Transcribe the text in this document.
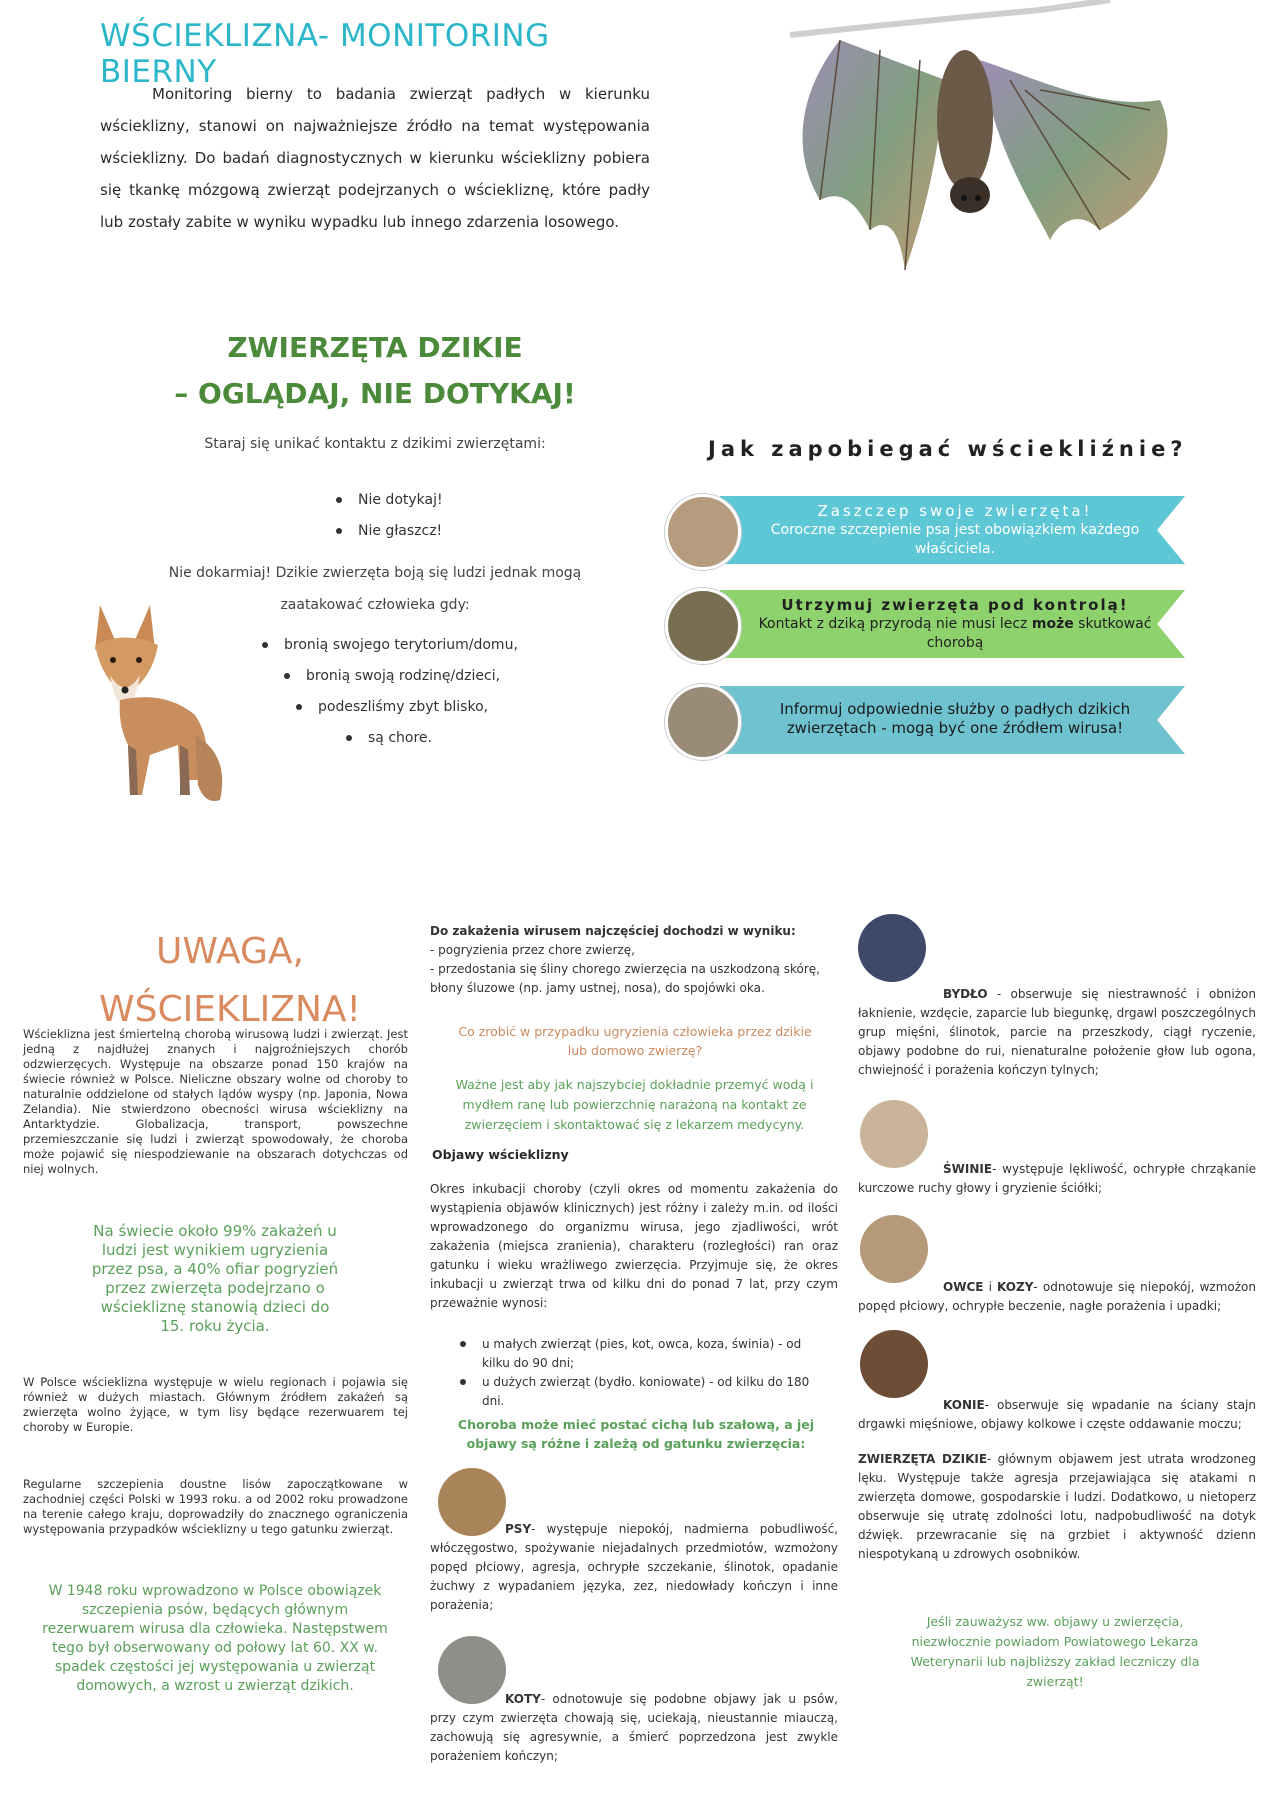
WŚCIEKLIZNA- MONITORING BIERNY
Monitoring bierny to badania zwierząt padłych w kierunku wścieklizny, stanowi on najważniejsze źródło na temat występowania wścieklizny. Do badań diagnostycznych w kierunku wścieklizny pobiera się tkankę mózgową zwierząt podejrzanych o wściekliznę, które padły lub zostały zabite w wyniku wypadku lub innego zdarzenia losowego.
ZWIERZĘTA DZIKIE
– OGLĄDAJ, NIE DOTYKAJ!
Staraj się unikać kontaktu z dzikimi zwierzętami:
Nie dotykaj!
Nie głaszcz!
Nie dokarmiaj! Dzikie zwierzęta boją się ludzi jednak mogą zaatakować człowieka gdy:
bronią swojego terytorium/domu,
bronią swoją rodzinę/dzieci,
podeszliśmy zbyt blisko,
są chore.
Jak zapobiegać wściekliźnie?
Zaszczep swoje zwierzęta!
Coroczne szczepienie psa jest obowiązkiem każdego właściciela.
Utrzymuj zwierzęta pod kontrolą!
Kontakt z dziką przyrodą nie musi lecz może skutkować chorobą
Informuj odpowiednie służby o padłych dzikich zwierzętach - mogą być one źródłem wirusa!
UWAGA,
WŚCIEKLIZNA!
Wścieklizna jest śmiertelną chorobą wirusową ludzi i zwierząt. Jest jedną z najdłużej znanych i najgroźniejszych chorób odzwierzęcych. Występuje na obszarze ponad 150 krajów na świecie również w Polsce. Nieliczne obszary wolne od choroby to naturalnie oddzielone od stałych lądów wyspy (np. Japonia, Nowa Zelandia). Nie stwierdzono obecności wirusa wścieklizny na Antarktydzie. Globalizacja, transport, powszechne przemieszczanie się ludzi i zwierząt spowodowały, że choroba może pojawić się niespodziewanie na obszarach dotychczas od niej wolnych.
Na świecie około 99% zakażeń u ludzi jest wynikiem ugryzienia przez psa, a 40% ofiar pogryzień przez zwierzęta podejrzano o wściekliznę stanowią dzieci do 15. roku życia.
W Polsce wścieklizna występuje w wielu regionach i pojawia się również w dużych miastach. Głównym źródłem zakażeń są zwierzęta wolno żyjące, w tym lisy będące rezerwuarem tej choroby w Europie.
Regularne szczepienia doustne lisów zapoczątkowane w zachodniej części Polski w 1993 roku. a od 2002 roku prowadzone na terenie całego kraju, doprowadziły do znacznego ograniczenia występowania przypadków wścieklizny u tego gatunku zwierząt.
W 1948 roku wprowadzono w Polsce obowiązek szczepienia psów, będących głównym rezerwuarem wirusa dla człowieka. Następstwem tego był obserwowany od połowy lat 60. XX w. spadek częstości jej występowania u zwierząt domowych, a wzrost u zwierząt dzikich.
Do zakażenia wirusem najczęściej dochodzi w wyniku:
- pogryzienia przez chore zwierzę,
- przedostania się śliny chorego zwierzęcia na uszkodzoną skórę, błony śluzowe (np. jamy ustnej, nosa), do spojówki oka.
Co zrobić w przypadku ugryzienia człowieka przez dzikie lub domowo zwierzę?
Ważne jest aby jak najszybciej dokładnie przemyć wodą i mydłem ranę lub powierzchnię narażoną na kontakt ze zwierzęciem i skontaktować się z lekarzem medycyny.
Objawy wścieklizny
Okres inkubacji choroby (czyli okres od momentu zakażenia do wystąpienia objawów klinicznych) jest różny i zależy m.in. od ilości wprowadzonego do organizmu wirusa, jego zjadliwości, wrót zakażenia (miejsca zranienia), charakteru (rozległości) ran oraz gatunku i wieku wrażliwego zwierzęcia. Przyjmuje się, że okres inkubacji u zwierząt trwa od kilku dni do ponad 7 lat, przy czym przeważnie wynosi:
u małych zwierząt (pies, kot, owca, koza, świnia) - od kilku do 90 dni;
u dużych zwierząt (bydło. koniowate) - od kilku do 180 dni.
Choroba może mieć postać cichą lub szałową, a jej objawy są różne i zależą od gatunku zwierzęcia:
PSY- występuje niepokój, nadmierna pobudliwość, włóczęgostwo, spożywanie niejadalnych przedmiotów, wzmożony popęd płciowy, agresja, ochrypłe szczekanie, ślinotok, opadanie żuchwy z wypadaniem języka, zez, niedowłady kończyn i inne porażenia;
KOTY- odnotowuje się podobne objawy jak u psów, przy czym zwierzęta chowają się, uciekają, nieustannie miauczą, zachowują się agresywnie, a śmierć poprzedzona jest zwykle porażeniem kończyn;
BYDŁO - obserwuje się niestrawność i obniżon łaknienie, wzdęcie, zaparcie lub biegunkę, drgawl poszczególnych grup mięśni, ślinotok, parcie na przeszkody, ciągł ryczenie, objawy podobne do rui, nienaturalne położenie głow lub ogona, chwiejność i porażenia kończyn tylnych;
ŚWINIE- występuje lękliwość, ochrypłe chrząkanie kurczowe ruchy głowy i gryzienie ściółki;
OWCE i KOZY- odnotowuje się niepokój, wzmożon popęd płciowy, ochrypłe beczenie, nagłe porażenia i upadki;
KONIE- obserwuje się wpadanie na ściany stajn drgawki mięśniowe, objawy kolkowe i częste oddawanie moczu;
ZWIERZĘTA DZIKIE- głównym objawem jest utrata wrodzoneg lęku. Występuje także agresja przejawiająca się atakami n zwierzęta domowe, gospodarskie i ludzi. Dodatkowo, u nietoperz obserwuje się utratę zdolności lotu, nadpobudliwość na dotyk dźwięk. przewracanie się na grzbiet i aktywność dzienn niespotykaną u zdrowych osobników.
Jeśli zauważysz ww. objawy u zwierzęcia, niezwłocznie powiadom Powiatowego Lekarza Weterynarii lub najbliższy zakład leczniczy dla zwierząt!
